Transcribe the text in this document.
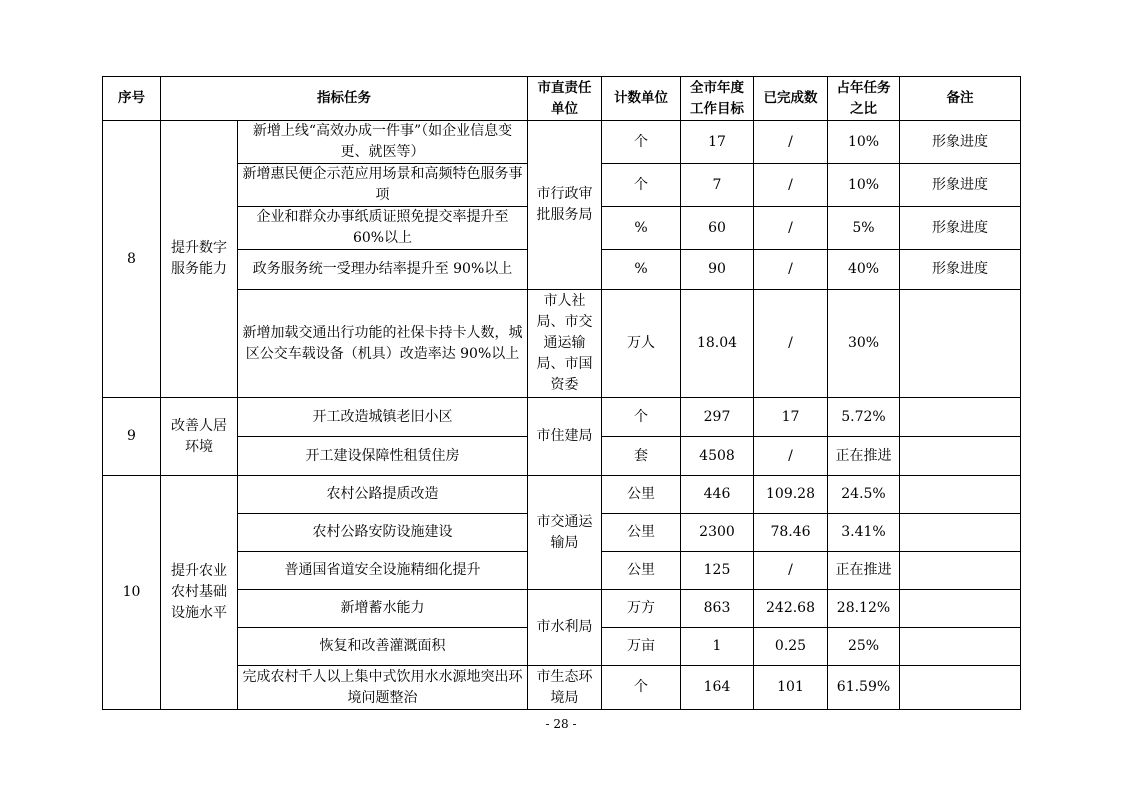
序号	指标任务		市直责任单位	计数单位	全市年度工作目标	已完成数	占年任务之比	备注
8	提升数字服务能力	新增上线“高效办成一件事”（如企业信息变更、就医等）	市行政审批服务局	个	17	/	10%	形象进度
		新增惠民便企示范应用场景和高频特色服务事项		个	7	/	10%	形象进度
		企业和群众办事纸质证照免提交率提升至60%以上		%	60	/	5%	形象进度
		政务服务统一受理办结率提升至 90%以上		%	90	/	40%	形象进度
		新增加载交通出行功能的社保卡持卡人数，城区公交车载设备（机具）改造率达 90%以上	市人社局、市交通运输局、市国资委	万人	18.04	/	30%	
9	改善人居环境	开工改造城镇老旧小区	市住建局	个	297	17	5.72%	
		开工建设保障性租赁住房		套	4508	/	正在推进	
10	提升农业农村基础设施水平	农村公路提质改造	市交通运输局	公里	446	109.28	24.5%	
		农村公路安防设施建设		公里	2300	78.46	3.41%	
		普通国省道安全设施精细化提升		公里	125	/	正在推进	
		新增蓄水能力	市水利局	万方	863	242.68	28.12%	
		恢复和改善灌溉面积		万亩	1	0.25	25%	
		完成农村千人以上集中式饮用水水源地突出环境问题整治	市生态环境局	个	164	101	61.59%	
- 28 -
